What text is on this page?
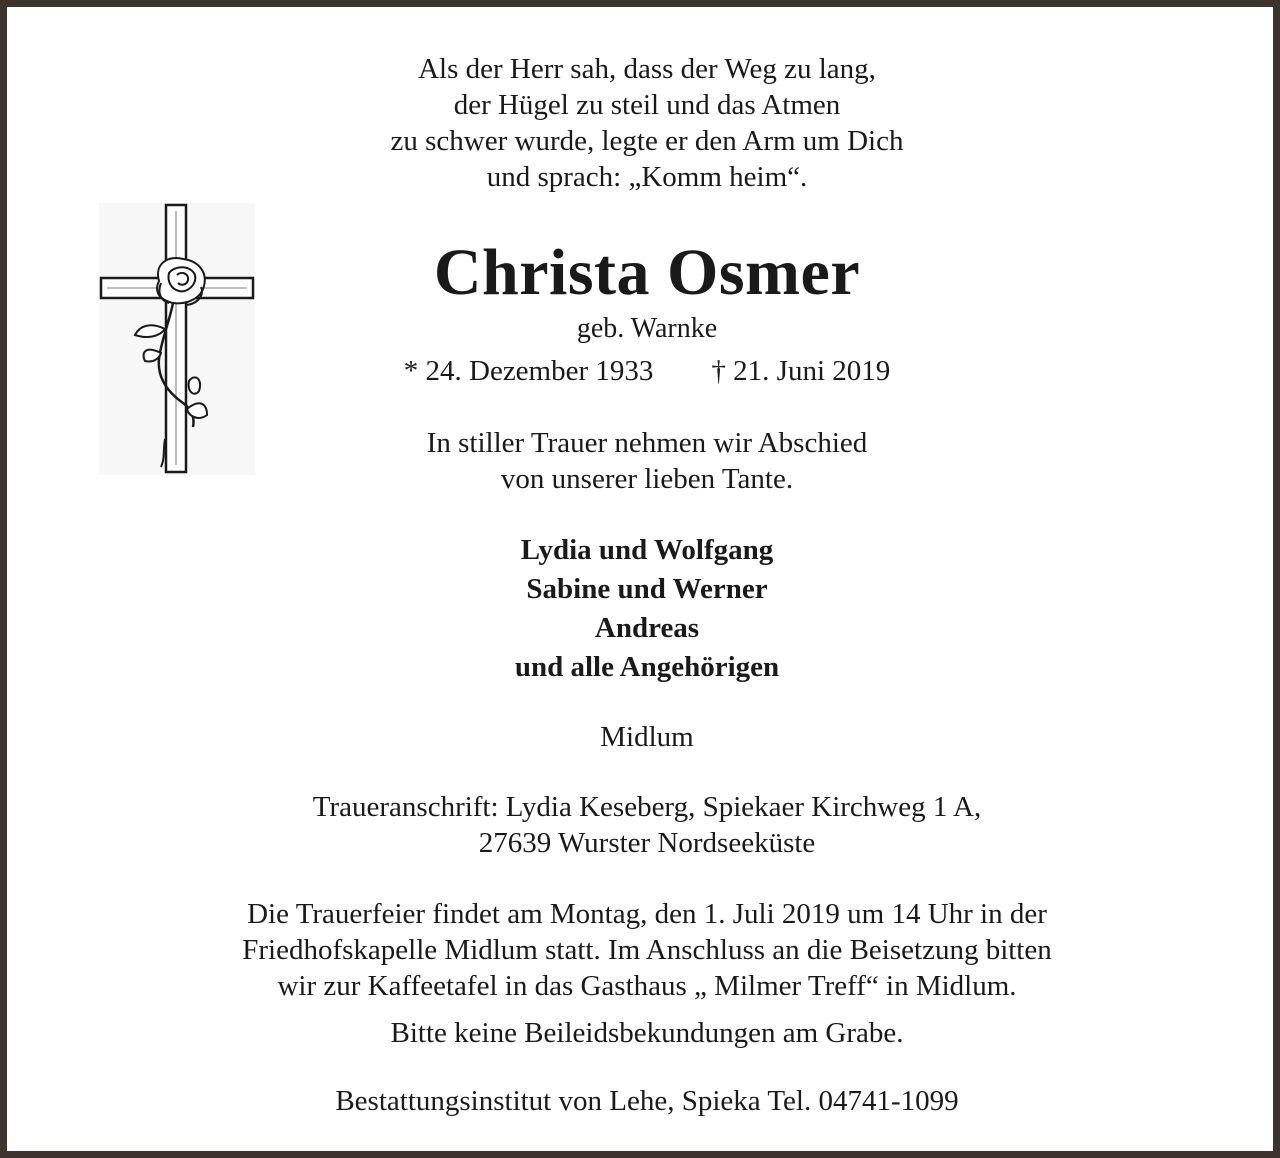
Als der Herr sah, dass der Weg zu lang,
der Hügel zu steil und das Atmen
zu schwer wurde, legte er den Arm um Dich
und sprach: „Komm heim“.
Christa Osmer
geb. Warnke
* 24. Dezember 1933 † 21. Juni 2019
In stiller Trauer nehmen wir Abschied
von unserer lieben Tante.
Lydia und Wolfgang
Sabine und Werner
Andreas
und alle Angehörigen
Midlum
Traueranschrift: Lydia Keseberg, Spiekaer Kirchweg 1 A,
27639 Wurster Nordseeküste
Die Trauerfeier findet am Montag, den 1. Juli 2019 um 14 Uhr in der
Friedhofskapelle Midlum statt. Im Anschluss an die Beisetzung bitten
wir zur Kaffeetafel in das Gasthaus „ Milmer Treff“ in Midlum.
Bitte keine Beileidsbekundungen am Grabe.
Bestattungsinstitut von Lehe, Spieka Tel. 04741-1099
